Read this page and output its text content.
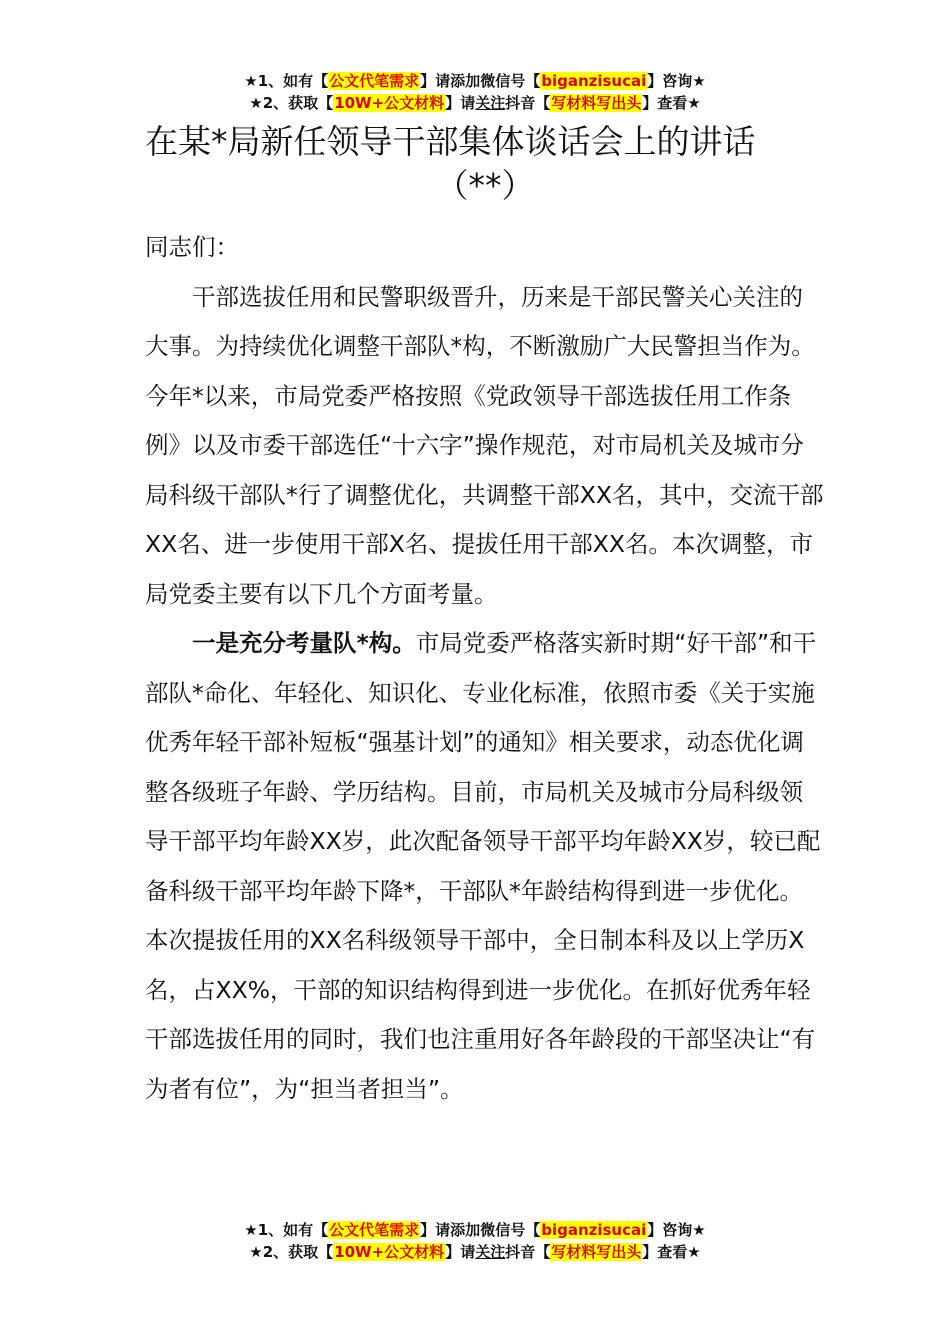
★1、如有【公文代笔需求】请添加微信号【biganzisucai】咨询★
★2、获取【10W+公文材料】请关注抖音【写材料写出头】查看★
在某*局新任领导干部集体谈话会上的讲话
（**）

同志们：

干部选拔任用和民警职级晋升，历来是干部民警关心关注的大事。为持续优化调整干部队*构，不断激励广大民警担当作为。今年*以来，市局党委严格按照《党政领导干部选拔任用工作条例》以及市委干部选任“十六字”操作规范，对市局机关及城市分局科级干部队*行了调整优化，共调整干部XX名，其中，交流干部XX名、进一步使用干部X名、提拔任用干部XX名。本次调整，市局党委主要有以下几个方面考量。

一是充分考量队*构。市局党委严格落实新时期“好干部”和干部队*命化、年轻化、知识化、专业化标准，依照市委《关于实施优秀年轻干部补短板“强基计划”的通知》相关要求，动态优化调整各级班子年龄、学历结构。目前，市局机关及城市分局科级领导干部平均年龄XX岁，此次配备领导干部平均年龄XX岁，较已配备科级干部平均年龄下降*，干部队*年龄结构得到进一步优化。本次提拔任用的XX名科级领导干部中，全日制本科及以上学历X名，占XX%，干部的知识结构得到进一步优化。在抓好优秀年轻干部选拔任用的同时，我们也注重用好各年龄段的干部坚决让“有为者有位”，为“担当者担当”。

★1、如有【公文代笔需求】请添加微信号【biganzisucai】咨询★
★2、获取【10W+公文材料】请关注抖音【写材料写出头】查看★
